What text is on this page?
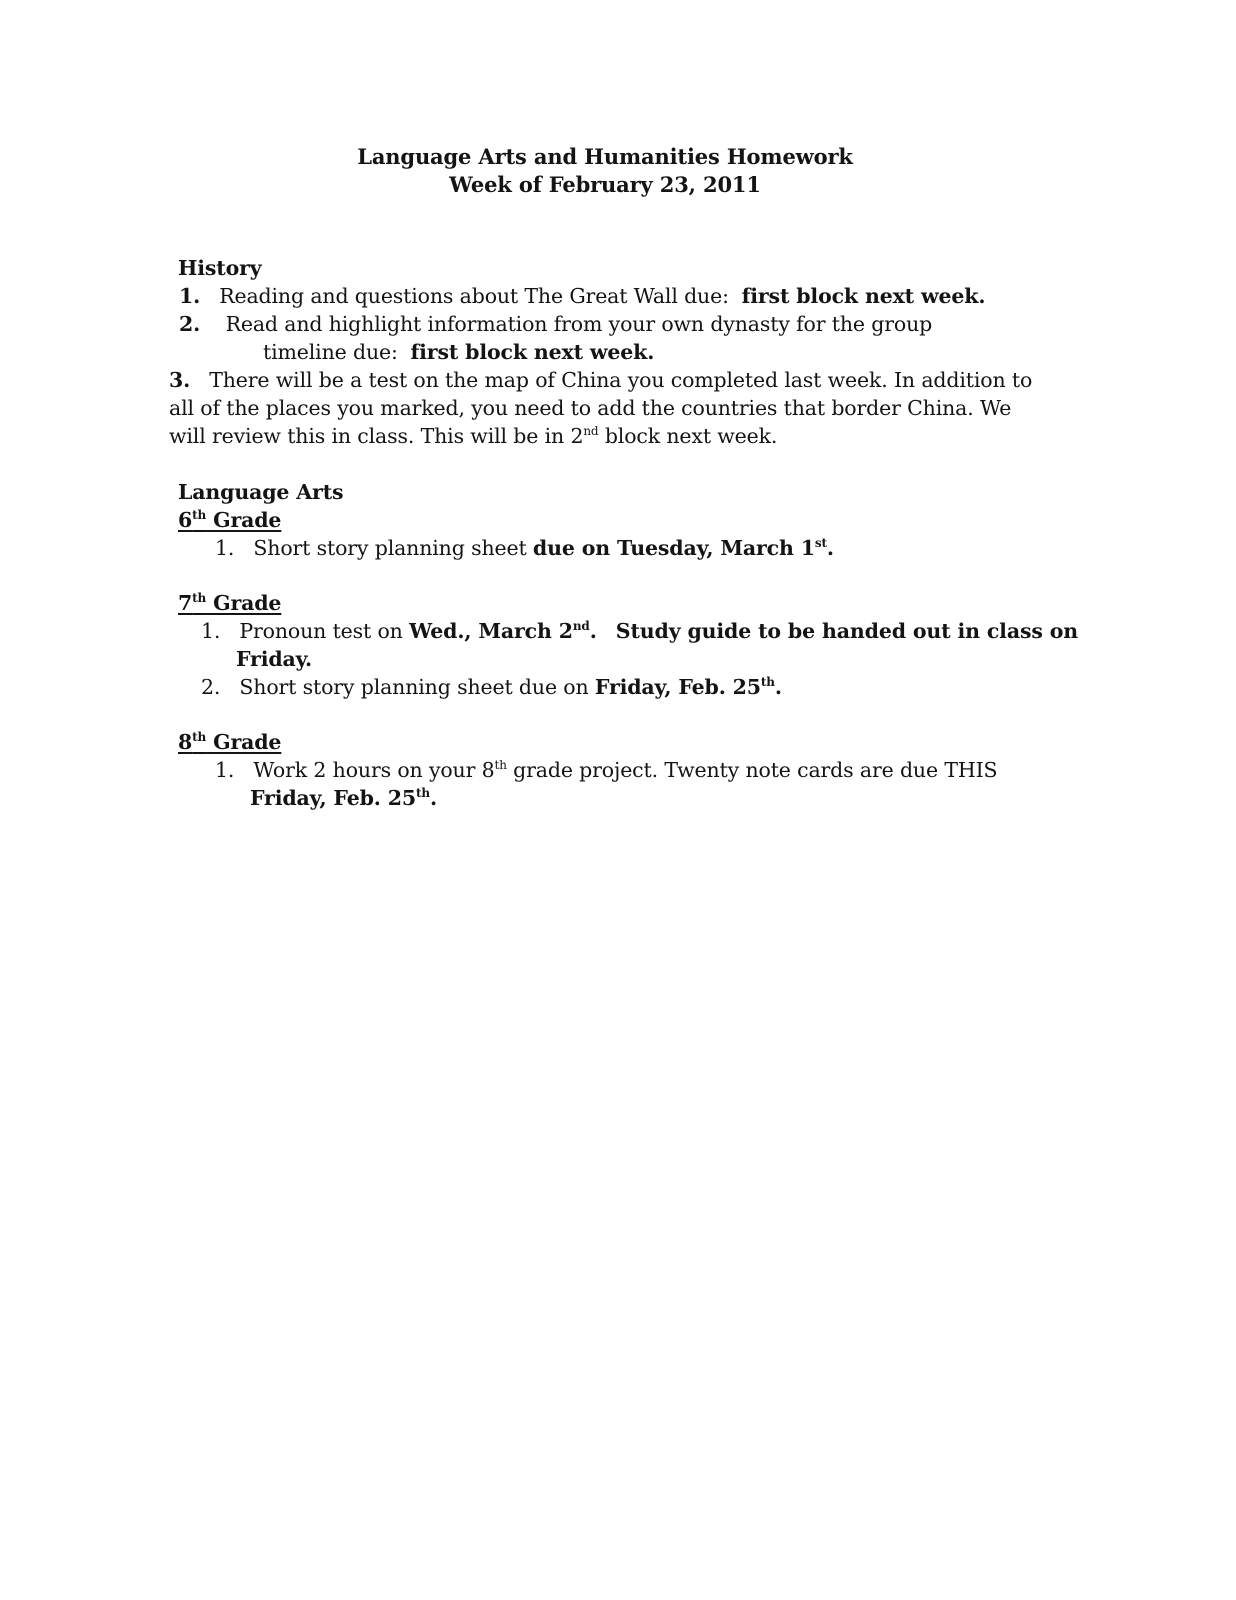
Language Arts and Humanities Homework
Week of February 23, 2011
History
1. Reading and questions about The Great Wall due: first block next week.
2. Read and highlight information from your own dynasty for the group
timeline due: first block next week.
3. There will be a test on the map of China you completed last week. In addition to
all of the places you marked, you need to add the countries that border China. We
will review this in class. This will be in 2nd block next week.
Language Arts
6th Grade
1. Short story planning sheet due on Tuesday, March 1st.
7th Grade
1. Pronoun test on Wed., March 2nd. Study guide to be handed out in class on
Friday.
2. Short story planning sheet due on Friday, Feb. 25th.
8th Grade
1. Work 2 hours on your 8th grade project. Twenty note cards are due THIS
Friday, Feb. 25th.
